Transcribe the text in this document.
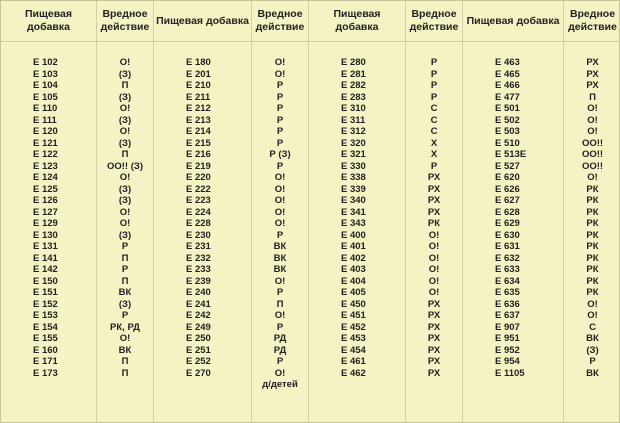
Пищевая добавка
E 102
E 103
E 104
E 105
E 110
E 111
E 120
E 121
E 122
E 123
E 124
E 125
E 126
E 127
E 129
E 130
E 131
E 141
E 142
E 150
E 151
E 152
E 153
E 154
E 155
E 160
E 171
E 173
Вредное
действие
O!
(З)
П
(З)
O!
(З)
O!
(З)
П
ОО!! (З)
O!
(З)
(З)
O!
O!
(З)
Р
П
Р
П
ВК
(З)
Р
РК, РД
O!
ВК
П
П
Пищевая добавка
E 180
E 201
E 210
E 211
E 212
E 213
E 214
E 215
E 216
E 219
E 220
E 222
E 223
E 224
E 228
E 230
E 231
E 232
E 233
E 239
E 240
E 241
E 242
E 249
E 250
E 251
E 252
E 270
Вредное
действие
O!
O!
Р
Р
Р
Р
Р
Р
Р (З)
Р
O!
O!
O!
O!
O!
Р
ВК
ВК
ВК
O!
Р
П
O!
Р
РД
РД
Р
O!
д/детей
Пищевая добавка
E 280
E 281
E 282
E 283
E 310
E 311
E 312
E 320
E 321
E 330
E 338
E 339
E 340
E 341
E 343
E 400
E 401
E 402
E 403
E 404
E 405
E 450
E 451
E 452
E 453
E 454
E 461
E 462
Вредное
действие
Р
Р
Р
Р
С
С
С
Х
Х
Р
РХ
РХ
РХ
РХ
РК
O!
O!
O!
O!
O!
O!
РХ
РХ
РХ
РХ
РХ
РХ
РХ
Пищевая добавка
E 463
E 465
E 466
E 477
E 501
E 502
E 503
E 510
E 513E
E 527
E 620
E 626
E 627
E 628
E 629
E 630
E 631
E 632
E 633
E 634
E 635
E 636
E 637
E 907
E 951
E 952
E 954
E 1105
Вредное
действие
РХ
РХ
РХ
П
O!
O!
O!
ОО!!
ОО!!
ОО!!
O!
РК
РК
РК
РК
РК
РК
РК
РК
РК
РК
O!
O!
С
ВК
(З)
Р
ВК
